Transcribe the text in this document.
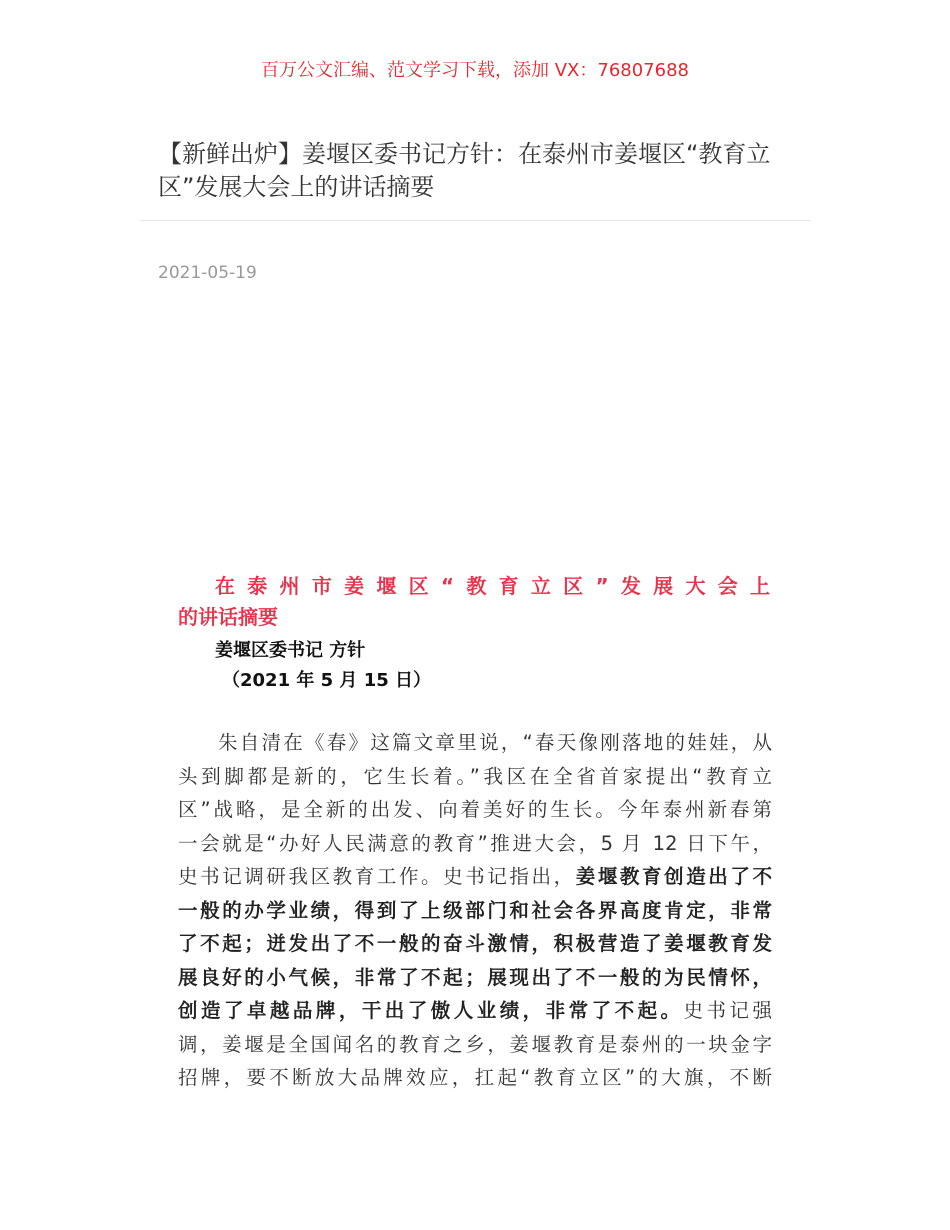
百万公文汇编、范文学习下载，添加 VX：76807688
【新鲜出炉】姜堰区委书记方针：在泰州市姜堰区“教育立区”发展大会上的讲话摘要
2021-05-19
在泰州市姜堰区“教育立区”发展大会上
的讲话摘要
姜堰区委书记 方针
（2021 年 5 月 15 日）
朱自清在《春》这篇文章里说，“春天像刚落地的娃娃，从
头到脚都是新的，它生长着。”我区在全省首家提出“教育立
区”战略，是全新的出发、向着美好的生长。今年泰州新春第
一会就是“办好人民满意的教育”推进大会，5 月 12 日下午，
史书记调研我区教育工作。史书记指出，姜堰教育创造出了不
一般的办学业绩，得到了上级部门和社会各界高度肯定，非常
了不起；迸发出了不一般的奋斗激情，积极营造了姜堰教育发
展良好的小气候，非常了不起；展现出了不一般的为民情怀，
创造了卓越品牌，干出了傲人业绩，非常了不起。史书记强
调，姜堰是全国闻名的教育之乡，姜堰教育是泰州的一块金字
招牌，要不断放大品牌效应，扛起“教育立区”的大旗，不断
